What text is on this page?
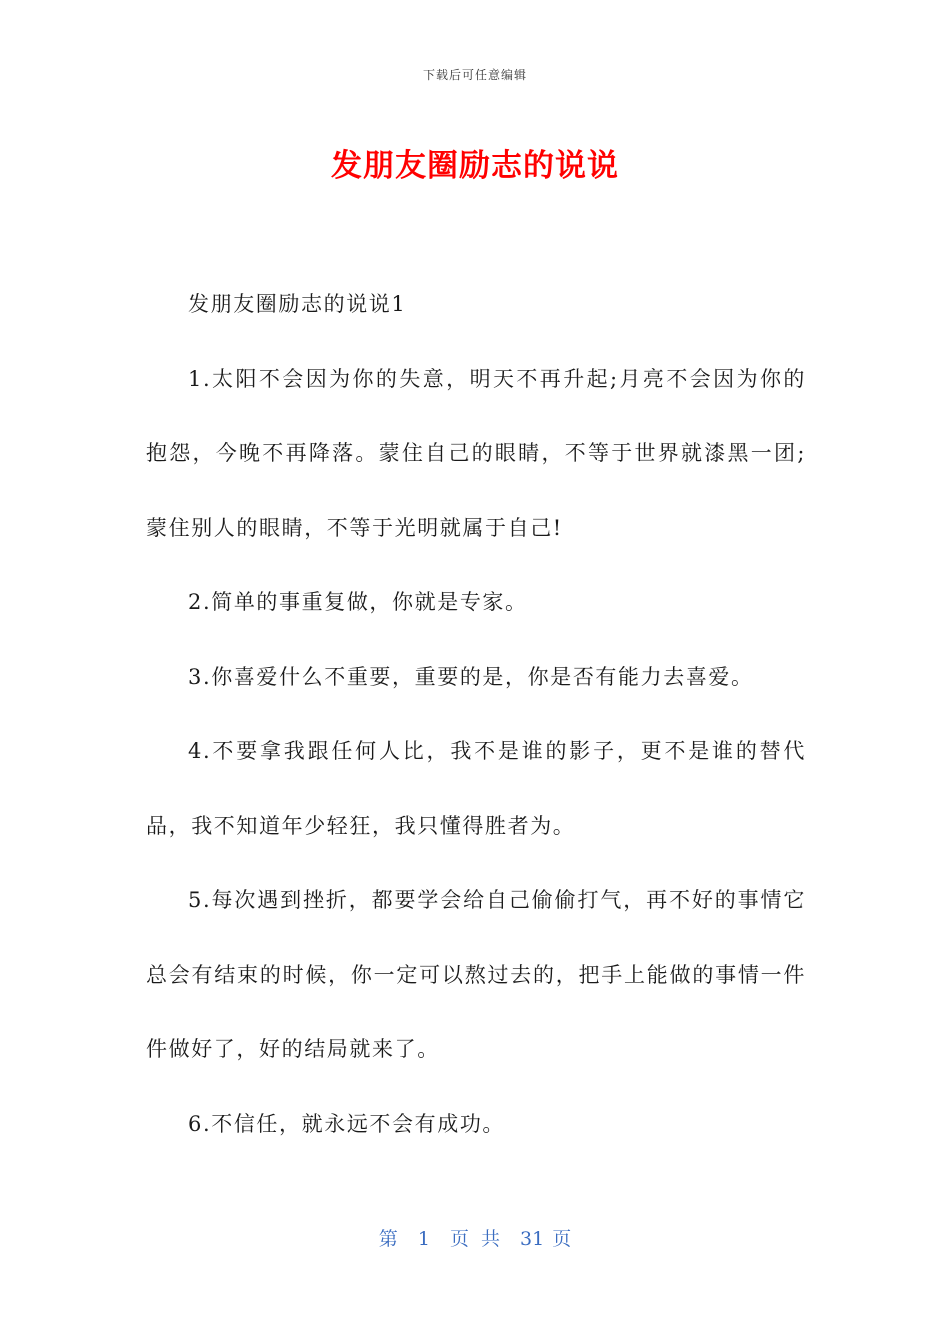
下载后可任意编辑
发朋友圈励志的说说

发朋友圈励志的说说1

1.太阳不会因为你的失意，明天不再升起;月亮不会因为你的抱怨，今晚不再降落。蒙住自己的眼睛，不等于世界就漆黑一团;蒙住别人的眼睛，不等于光明就属于自己!

2.简单的事重复做，你就是专家。

3.你喜爱什么不重要，重要的是，你是否有能力去喜爱。

4.不要拿我跟任何人比，我不是谁的影子，更不是谁的替代品，我不知道年少轻狂，我只懂得胜者为。

5.每次遇到挫折，都要学会给自己偷偷打气，再不好的事情它总会有结束的时候，你一定可以熬过去的，把手上能做的事情一件件做好了，好的结局就来了。

6.不信任，就永远不会有成功。

第 1 页 共 31 页
